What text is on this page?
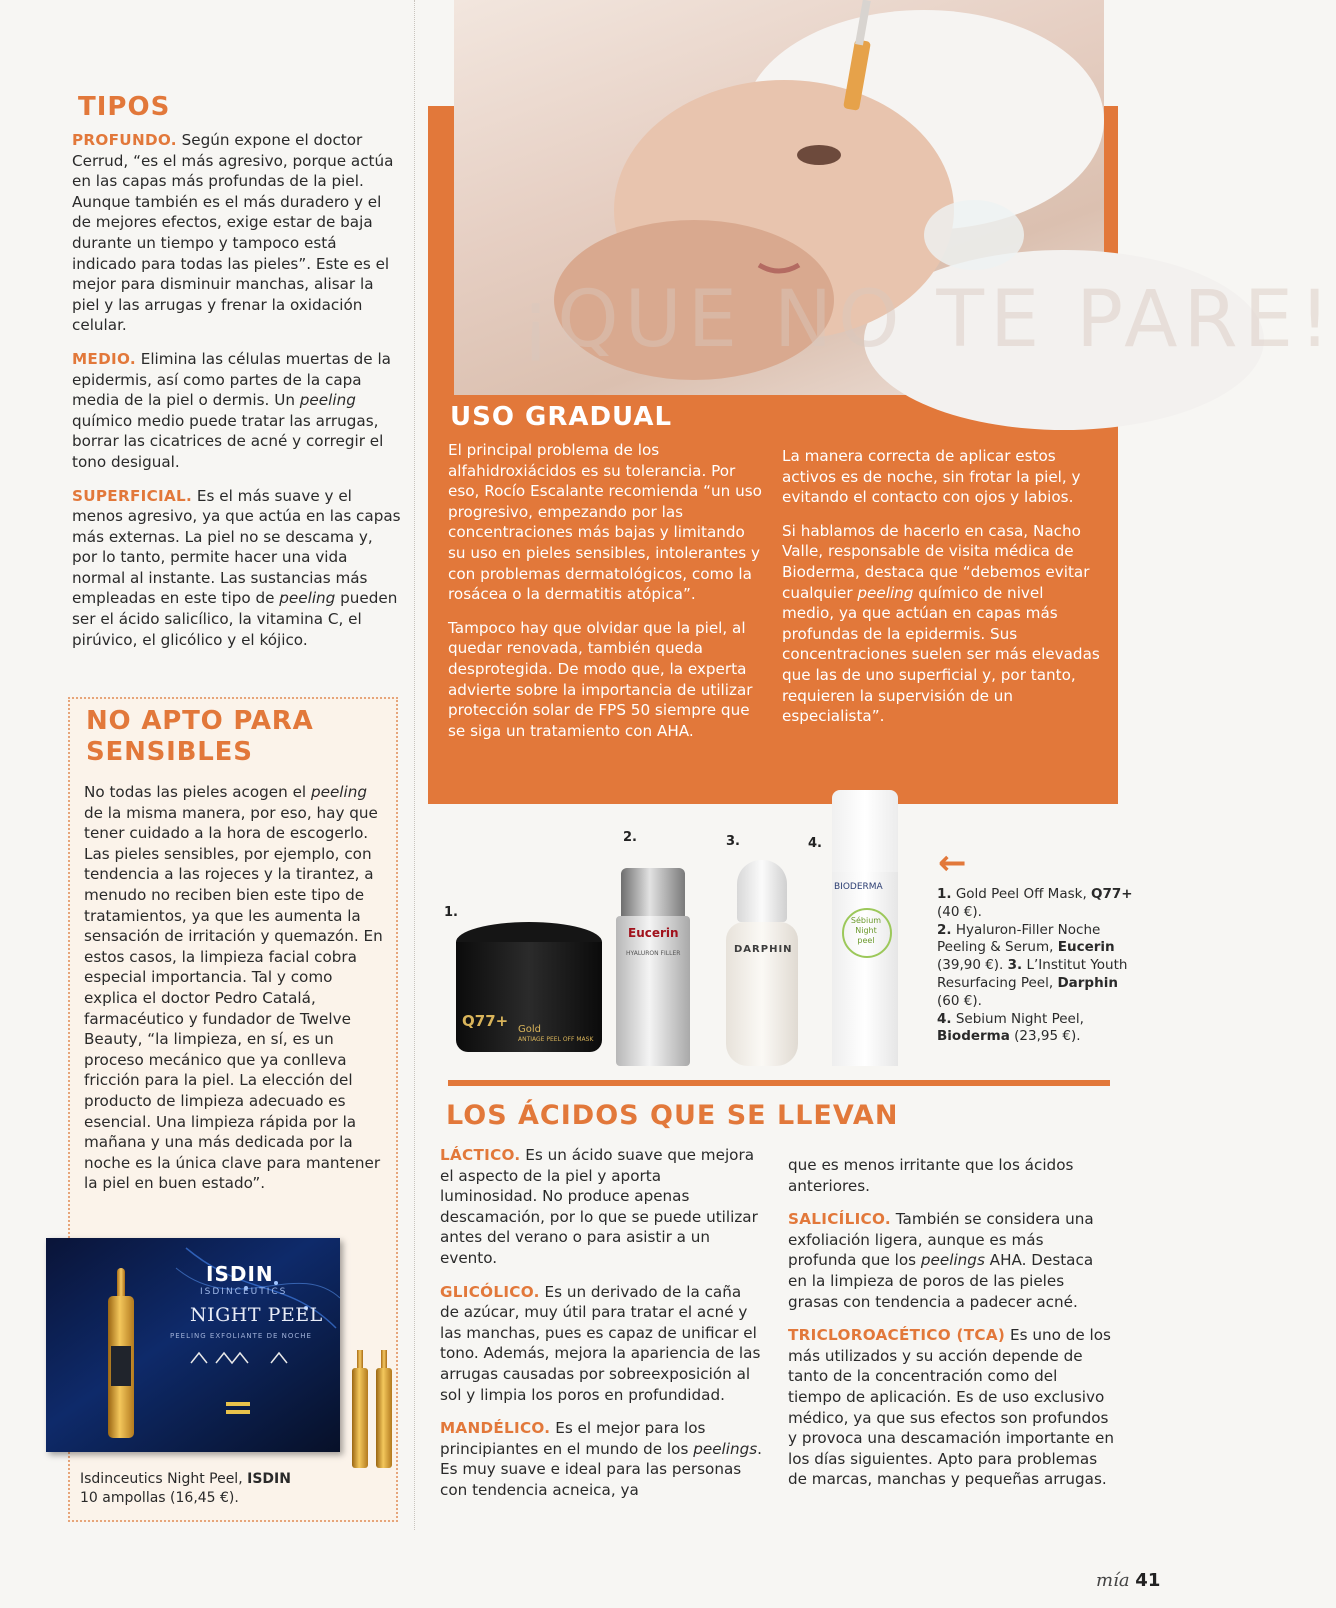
TIPOS

PROFUNDO. Según expone el doctor Cerrud, “es el más agresivo, porque actúa en las capas más profundas de la piel. Aunque también es el más duradero y el de mejores efectos, exige estar de baja durante un tiempo y tampoco está indicado para todas las pieles”. Este es el mejor para disminuir manchas, alisar la piel y las arrugas y frenar la oxidación celular.

MEDIO. Elimina las células muertas de la epidermis, así como partes de la capa media de la piel o dermis. Un peeling químico medio puede tratar las arrugas, borrar las cicatrices de acné y corregir el tono desigual.

SUPERFICIAL. Es el más suave y el menos agresivo, ya que actúa en las capas más externas. La piel no se descama y, por lo tanto, permite hacer una vida normal al instante. Las sustancias más empleadas en este tipo de peeling pueden ser el ácido salicílico, la vitamina C, el pirúvico, el glicólico y el kójico.

NO APTO PARA
SENSIBLES

No todas las pieles acogen el peeling de la misma manera, por eso, hay que tener cuidado a la hora de escogerlo. Las pieles sensibles, por ejemplo, con tendencia a las rojeces y la tirantez, a menudo no reciben bien este tipo de tratamientos, ya que les aumenta la sensación de irritación y quemazón. En estos casos, la limpieza facial cobra especial importancia. Tal y como explica el doctor Pedro Catalá, farmacéutico y fundador de Twelve Beauty, “la limpieza, en sí, es un proceso mecánico que ya conlleva fricción para la piel. La elección del producto de limpieza adecuado es esencial. Una limpieza rápida por la mañana y una más dedicada por la noche es la única clave para mantener la piel en buen estado”.

ISDIN
ISDINCEUTICS
NIGHT PEEL
PEELING EXFOLIANTE DE NOCHE
Isdinceutics Night Peel, ISDIN
10 ampollas (16,45 €).
¡QUE NO TE PARE!
USO GRADUAL

El principal problema de los alfahidroxiácidos es su tolerancia. Por eso, Rocío Escalante recomienda “un uso progresivo, empezando por las concentraciones más bajas y limitando su uso en pieles sensibles, intolerantes y con problemas dermatológicos, como la rosácea o la dermatitis atópica”.

Tampoco hay que olvidar que la piel, al quedar renovada, también queda desprotegida. De modo que, la experta advierte sobre la importancia de utilizar protección solar de FPS 50 siempre que se siga un tratamiento con AHA.

La manera correcta de aplicar estos activos es de noche, sin frotar la piel, y evitando el contacto con ojos y labios.

Si hablamos de hacerlo en casa, Nacho Valle, responsable de visita médica de Bioderma, destaca que “debemos evitar cualquier peeling químico de nivel medio, ya que actúan en capas más profundas de la epidermis. Sus concentraciones suelen ser más elevadas que las de uno superficial y, por tanto, requieren la supervisión de un especialista”.

1.
2.	3.	4.
Q77+ Gold
ANTIAGE PEEL OFF MASK
Eucerin
HYALURON FILLER	DARPHIN
BIODERMA
Sébium Night peel
←
1. Gold Peel Off Mask, Q77+ (40 €).
2. Hyaluron-Filler Noche Peeling & Serum, Eucerin (39,90 €). 3. L’Institut Youth Resurfacing Peel, Darphin (60 €).
4. Sebium Night Peel, Bioderma (23,95 €).
LOS ÁCIDOS QUE SE LLEVAN

LÁCTICO. Es un ácido suave que mejora el aspecto de la piel y aporta luminosidad. No produce apenas descamación, por lo que se puede utilizar antes del verano o para asistir a un evento.

GLICÓLICO. Es un derivado de la caña de azúcar, muy útil para tratar el acné y las manchas, pues es capaz de unificar el tono. Además, mejora la apariencia de las arrugas causadas por sobreexposición al sol y limpia los poros en profundidad.

MANDÉLICO. Es el mejor para los principiantes en el mundo de los peelings. Es muy suave e ideal para las personas con tendencia acneica, ya

que es menos irritante que los ácidos anteriores.

SALICÍLICO. También se considera una exfoliación ligera, aunque es más profunda que los peelings AHA. Destaca en la limpieza de poros de las pieles grasas con tendencia a padecer acné.

TRICLOROACÉTICO (TCA) Es uno de los más utilizados y su acción depende de tanto de la concentración como del tiempo de aplicación. Es de uso exclusivo médico, ya que sus efectos son profundos y provoca una descamación importante en los días siguientes. Apto para problemas de marcas, manchas y pequeñas arrugas.

mía 41
